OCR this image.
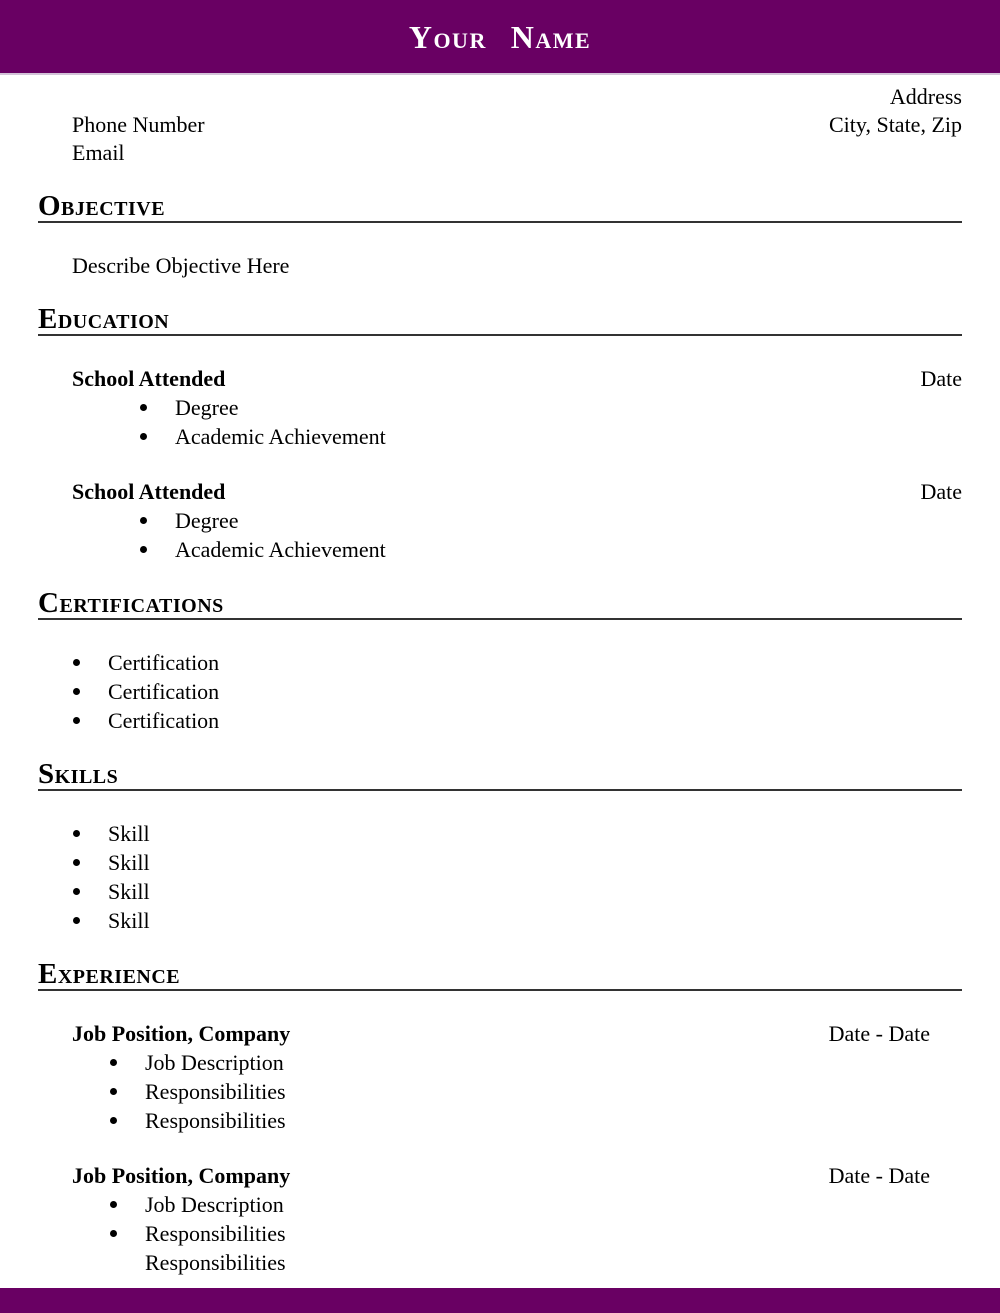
Your Name
Address
Phone Number	City, State, Zip
Email
Objective

Describe Objective Here

Education
School Attended	Date
Degree
Academic Achievement
School Attended	Date
Degree
Academic Achievement
Certifications
Certification
Certification
Certification
Skills
Skill
Skill
Skill
Skill
Experience
Job Position, Company	Date - Date
Job Description
Responsibilities
Responsibilities
Job Position, Company	Date - Date
Job Description
Responsibilities
Responsibilities
